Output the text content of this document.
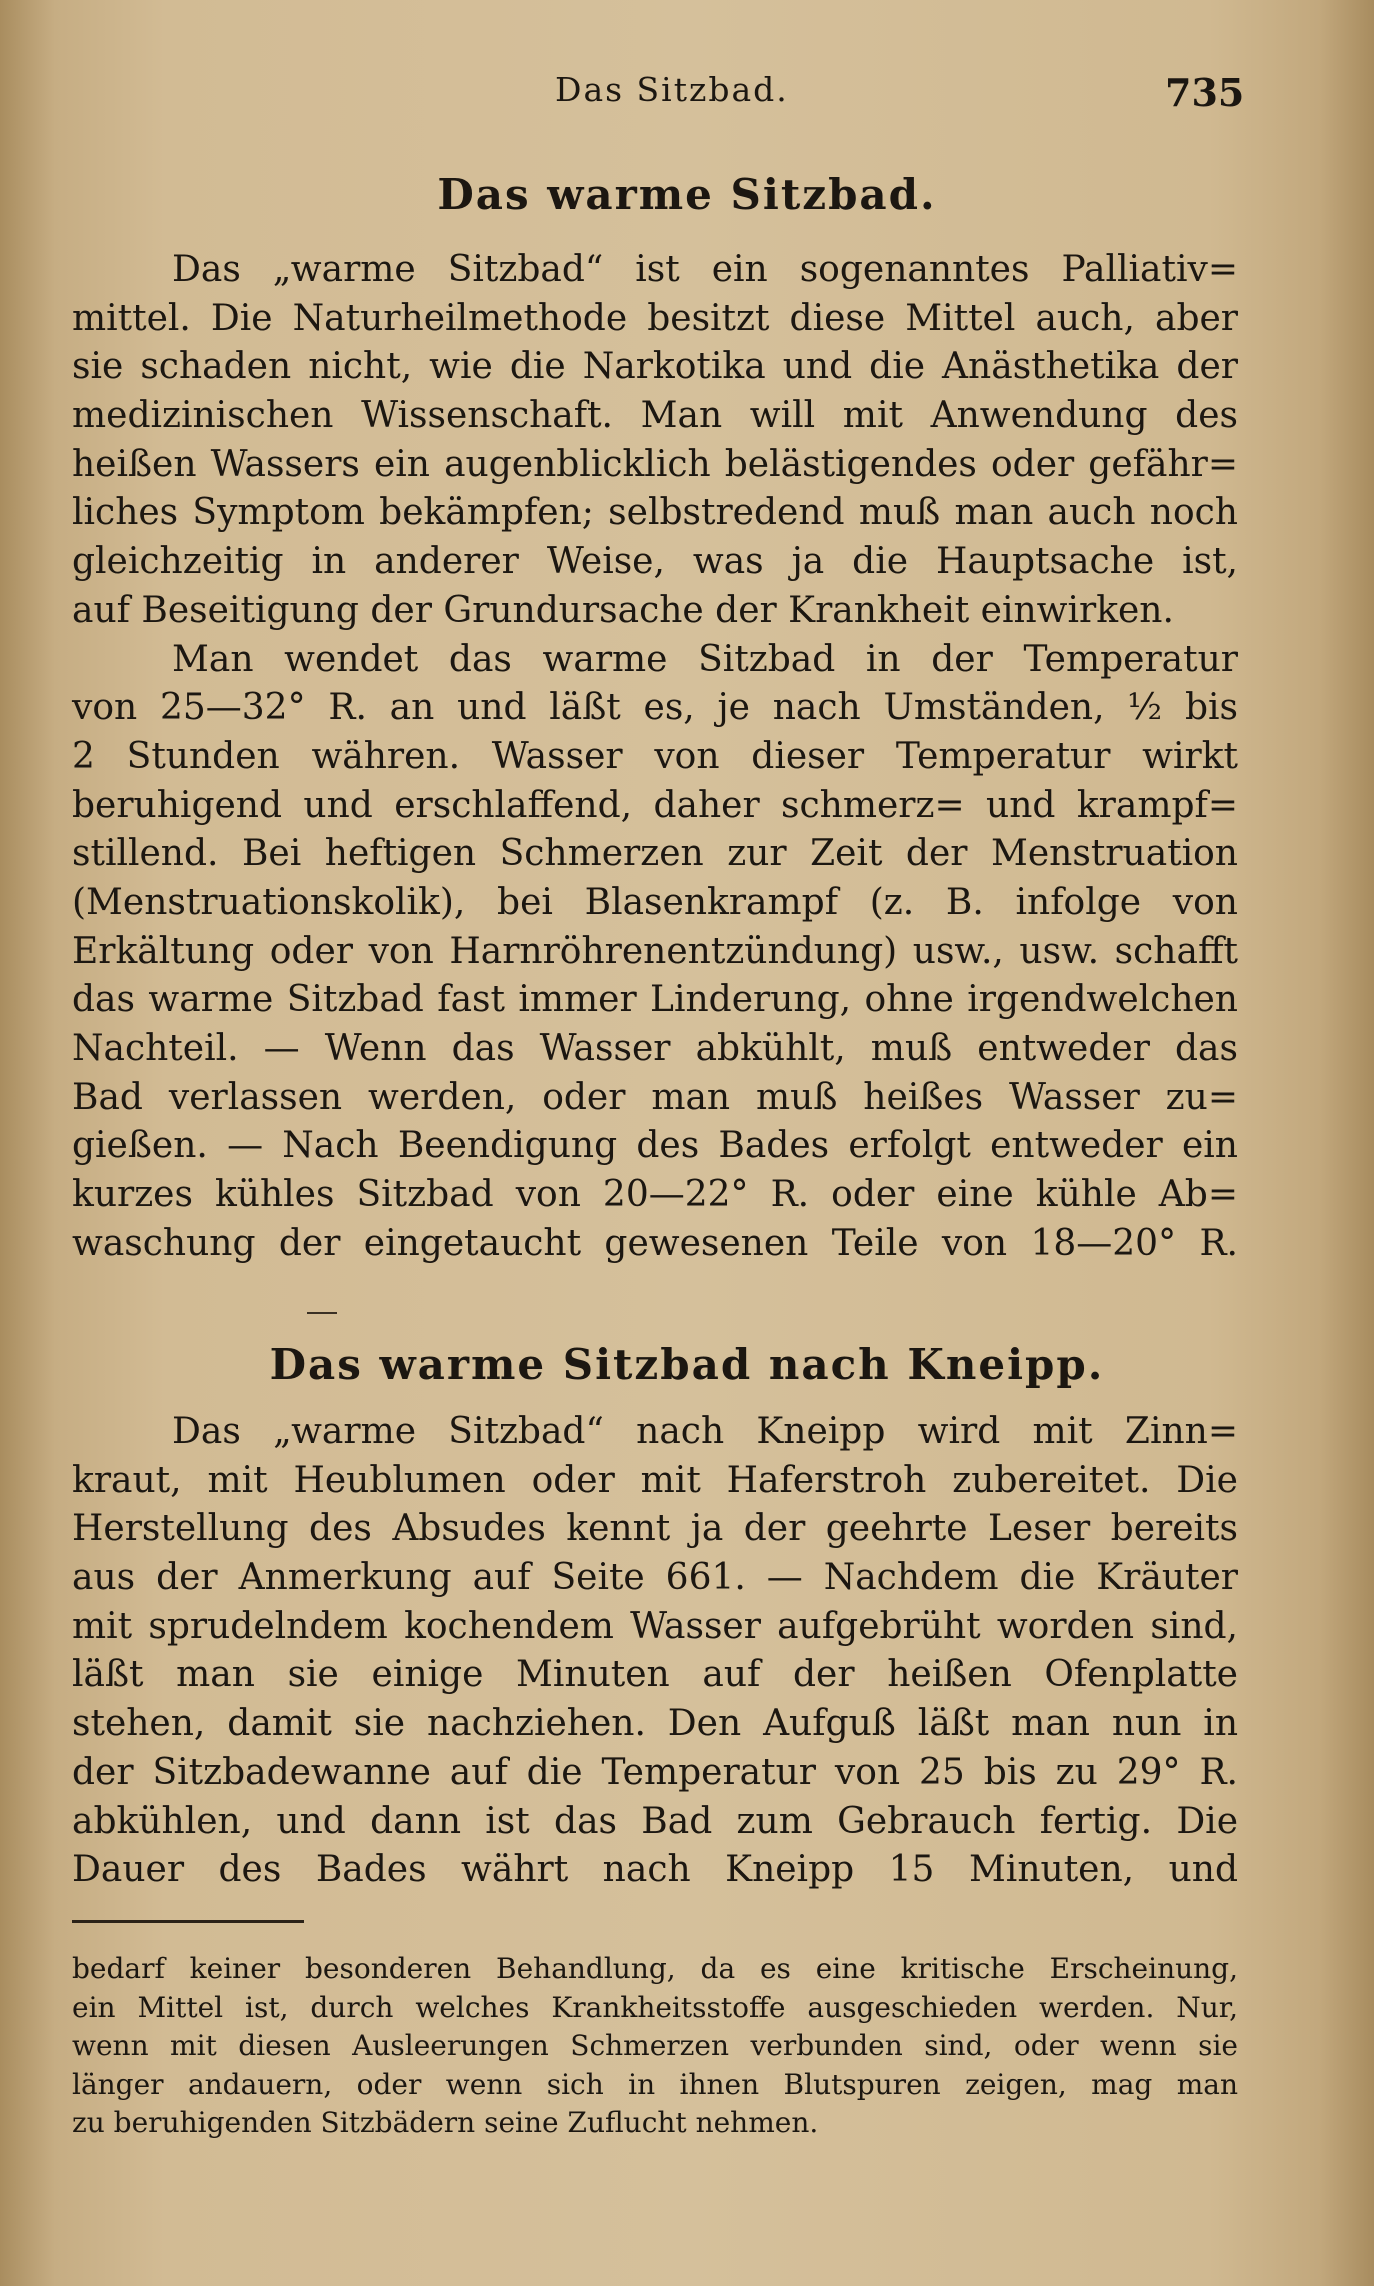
Das Sitzbad.	735
Das warme Sitzbad.
Das „warme Sitzbad“ ist ein sogenanntes Palliativ=
mittel. Die Naturheilmethode besitzt diese Mittel auch, aber
sie schaden nicht, wie die Narkotika und die Anästhetika der
medizinischen Wissenschaft. Man will mit Anwendung des
heißen Wassers ein augenblicklich belästigendes oder gefähr=
liches Symptom bekämpfen; selbstredend muß man auch noch
gleichzeitig in anderer Weise, was ja die Hauptsache ist,
auf Beseitigung der Grundursache der Krankheit einwirken.
Man wendet das warme Sitzbad in der Temperatur
von 25—32° R. an und läßt es, je nach Umständen, ½ bis
2 Stunden währen. Wasser von dieser Temperatur wirkt
beruhigend und erschlaffend, daher schmerz= und krampf=
stillend. Bei heftigen Schmerzen zur Zeit der Menstruation
(Menstruationskolik), bei Blasenkrampf (z. B. infolge von
Erkältung oder von Harnröhrenentzündung) usw., usw. schafft
das warme Sitzbad fast immer Linderung, ohne irgendwelchen
Nachteil. — Wenn das Wasser abkühlt, muß entweder das
Bad verlassen werden, oder man muß heißes Wasser zu=
gießen. — Nach Beendigung des Bades erfolgt entweder ein
kurzes kühles Sitzbad von 20—22° R. oder eine kühle Ab=
waschung der eingetaucht gewesenen Teile von 18—20° R.
Das warme Sitzbad nach Kneipp.
Das „warme Sitzbad“ nach Kneipp wird mit Zinn=
kraut, mit Heublumen oder mit Haferstroh zubereitet. Die
Herstellung des Absudes kennt ja der geehrte Leser bereits
aus der Anmerkung auf Seite 661. — Nachdem die Kräuter
mit sprudelndem kochendem Wasser aufgebrüht worden sind,
läßt man sie einige Minuten auf der heißen Ofenplatte
stehen, damit sie nachziehen. Den Aufguß läßt man nun in
der Sitzbadewanne auf die Temperatur von 25 bis zu 29° R.
abkühlen, und dann ist das Bad zum Gebrauch fertig. Die
Dauer des Bades währt nach Kneipp 15 Minuten, und
bedarf keiner besonderen Behandlung, da es eine kritische Erscheinung,
ein Mittel ist, durch welches Krankheitsstoffe ausgeschieden werden. Nur,
wenn mit diesen Ausleerungen Schmerzen verbunden sind, oder wenn sie
länger andauern, oder wenn sich in ihnen Blutspuren zeigen, mag man
zu beruhigenden Sitzbädern seine Zuflucht nehmen.
